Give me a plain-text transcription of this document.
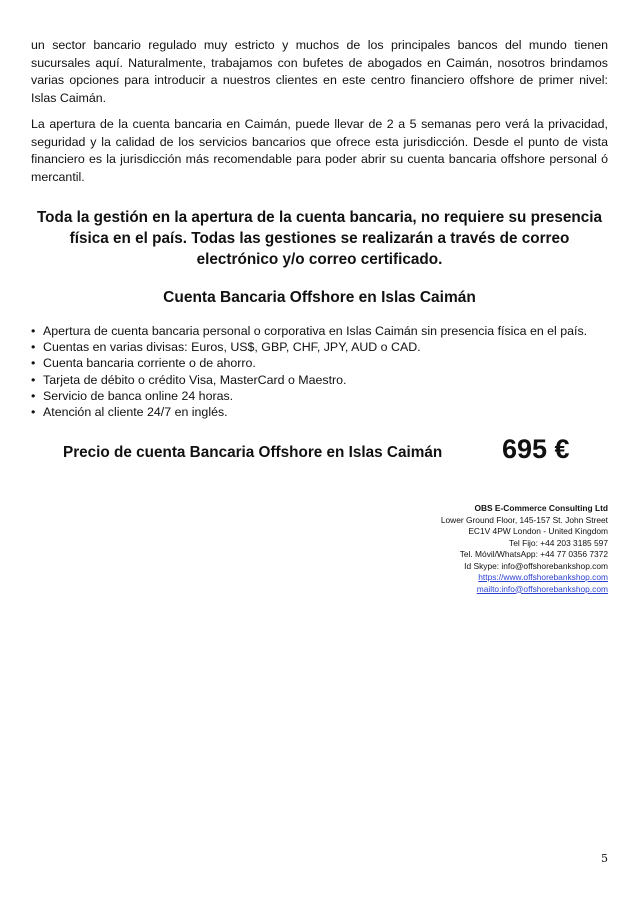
un sector bancario regulado muy estricto y muchos de los principales bancos del mundo tienen sucursales aquí. Naturalmente, trabajamos con bufetes de abogados en Caimán, nosotros brindamos varias opciones para introducir a nuestros clientes en este centro financiero offshore de primer nivel: Islas Caimán.

La apertura de la cuenta bancaria en Caimán, puede llevar de 2 a 5 semanas pero verá la privacidad, seguridad y la calidad de los servicios bancarios que ofrece esta jurisdicción. Desde el punto de vista financiero es la jurisdicción más recomendable para poder abrir su cuenta bancaria offshore personal ó mercantil.

Toda la gestión en la apertura de la cuenta bancaria, no requiere su presencia física en el país. Todas las gestiones se realizarán a través de correo electrónico y/o correo certificado.

Cuenta Bancaria Offshore en Islas Caimán
• Apertura de cuenta bancaria personal o corporativa en Islas Caimán sin presencia física en el país.
• Cuentas en varias divisas: Euros, US$, GBP, CHF, JPY, AUD o CAD.
• Cuenta bancaria corriente o de ahorro.
• Tarjeta de débito o crédito Visa, MasterCard o Maestro.
• Servicio de banca online 24 horas.
• Atención al cliente 24/7 en inglés.

Precio de cuenta Bancaria Offshore en Islas Caimán 695 €

OBS E-Commerce Consulting Ltd
Lower Ground Floor, 145-157 St. John Street
EC1V 4PW London - United Kingdom
Tel Fijo: +44 203 3185 597
Tel. Móvil/WhatsApp: +44 77 0356 7372
Id Skype: info@offshorebankshop.com
https://www.offshorebankshop.com
mailto:info@offshorebankshop.com
5
